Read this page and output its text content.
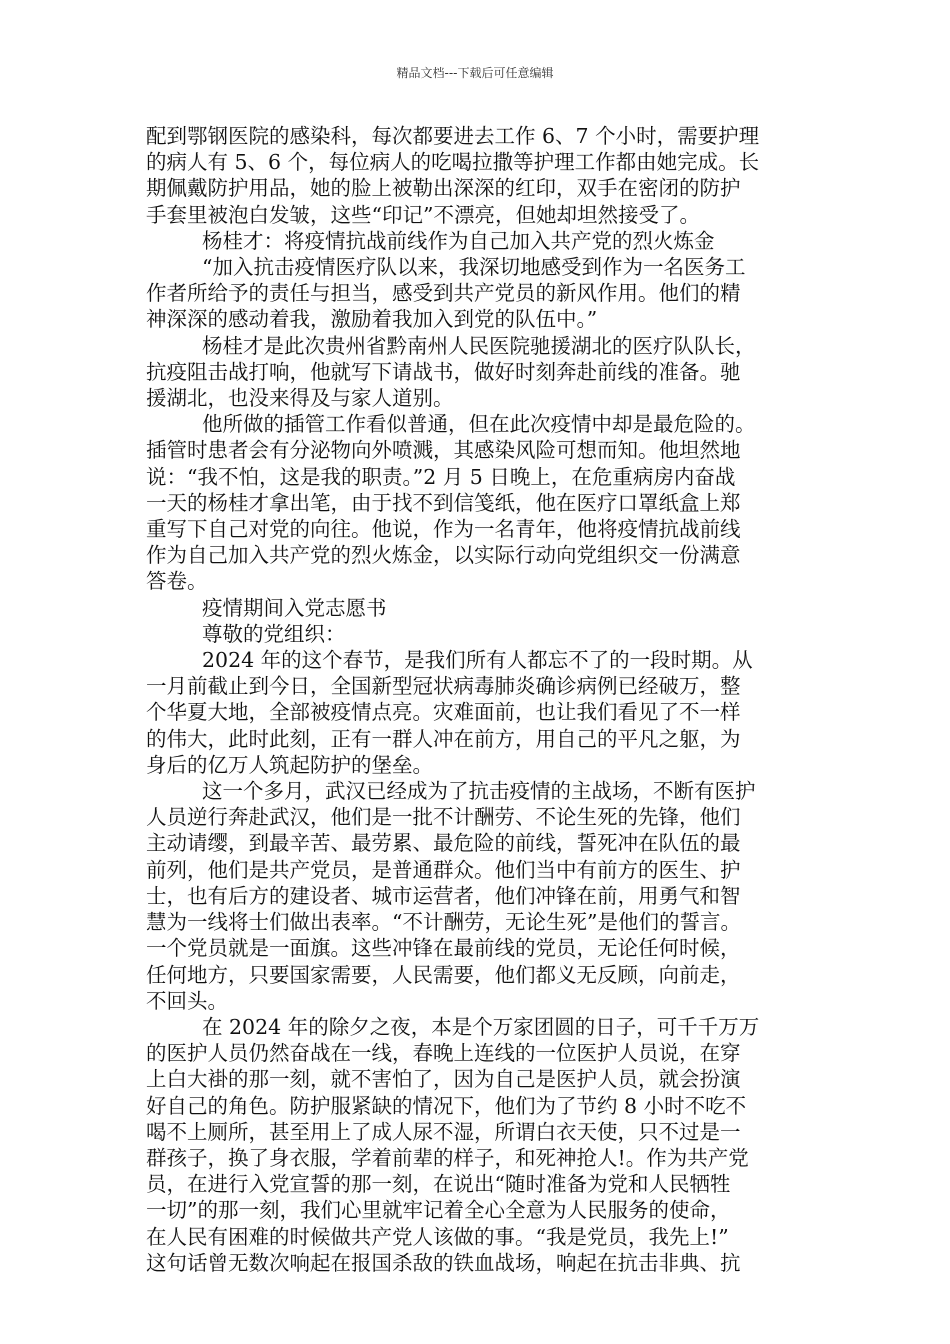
精品文档---下载后可任意编辑

配到鄂钢医院的感染科，每次都要进去工作 6、7 个小时，需要护理
的病人有 5、6 个，每位病人的吃喝拉撒等护理工作都由她完成。长
期佩戴防护用品，她的脸上被勒出深深的红印，双手在密闭的防护
手套里被泡白发皱，这些“印记”不漂亮，但她却坦然接受了。

杨桂才：将疫情抗战前线作为自己加入共产党的烈火炼金

“加入抗击疫情医疗队以来，我深切地感受到作为一名医务工
作者所给予的责任与担当，感受到共产党员的新风作用。他们的精
神深深的感动着我，激励着我加入到党的队伍中。”

杨桂才是此次贵州省黔南州人民医院驰援湖北的医疗队队长，
抗疫阻击战打响，他就写下请战书，做好时刻奔赴前线的准备。驰
援湖北，也没来得及与家人道别。

他所做的插管工作看似普通，但在此次疫情中却是最危险的。
插管时患者会有分泌物向外喷溅，其感染风险可想而知。他坦然地
说：“我不怕，这是我的职责。”2 月 5 日晚上，在危重病房内奋战
一天的杨桂才拿出笔，由于找不到信笺纸，他在医疗口罩纸盒上郑
重写下自己对党的向往。他说，作为一名青年，他将疫情抗战前线
作为自己加入共产党的烈火炼金，以实际行动向党组织交一份满意
答卷。

疫情期间入党志愿书

尊敬的党组织：

2024 年的这个春节，是我们所有人都忘不了的一段时期。从
一月前截止到今日，全国新型冠状病毒肺炎确诊病例已经破万，整
个华夏大地，全部被疫情点亮。灾难面前，也让我们看见了不一样
的伟大，此时此刻，正有一群人冲在前方，用自己的平凡之躯，为
身后的亿万人筑起防护的堡垒。

这一个多月，武汉已经成为了抗击疫情的主战场，不断有医护
人员逆行奔赴武汉，他们是一批不计酬劳、不论生死的先锋，他们
主动请缨，到最辛苦、最劳累、最危险的前线，誓死冲在队伍的最
前列，他们是共产党员，是普通群众。他们当中有前方的医生、护
士，也有后方的建设者、城市运营者，他们冲锋在前，用勇气和智
慧为一线将士们做出表率。“不计酬劳，无论生死”是他们的誓言。
一个党员就是一面旗。这些冲锋在最前线的党员，无论任何时候，
任何地方，只要国家需要，人民需要，他们都义无反顾，向前走，
不回头。

在 2024 年的除夕之夜，本是个万家团圆的日子，可千千万万
的医护人员仍然奋战在一线，春晚上连线的一位医护人员说，在穿
上白大褂的那一刻，就不害怕了，因为自己是医护人员，就会扮演
好自己的角色。防护服紧缺的情况下，他们为了节约 8 小时不吃不
喝不上厕所，甚至用上了成人尿不湿，所谓白衣天使，只不过是一
群孩子，换了身衣服，学着前辈的样子，和死神抢人!。作为共产党
员，在进行入党宣誓的那一刻，在说出“随时准备为党和人民牺牲
一切”的那一刻，我们心里就牢记着全心全意为人民服务的使命，
在人民有困难的时候做共产党人该做的事。“我是党员，我先上!”
这句话曾无数次响起在报国杀敌的铁血战场，响起在抗击非典、抗
